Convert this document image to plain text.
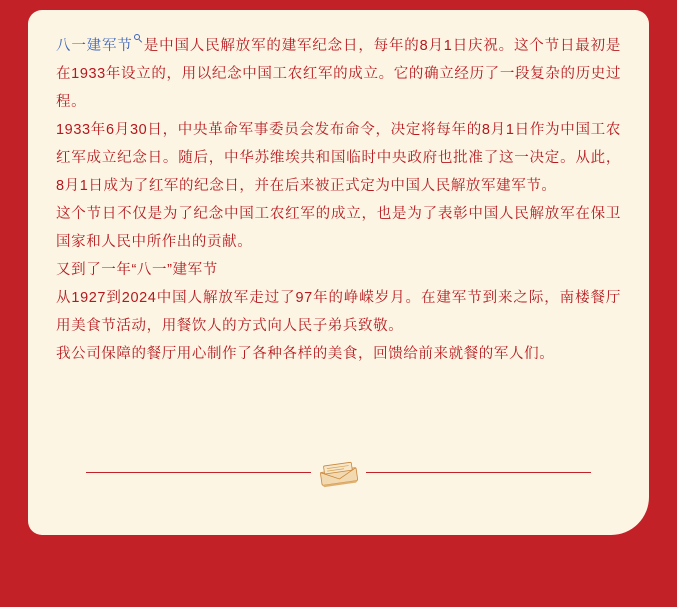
八一建军节 是中国人民解放军的建军纪念日，每年的8月1日庆祝。这个节日最初是在1933年设立的，用以纪念中国工农红军的成立。它的确立经历了一段复杂的历史过程。

1933年6月30日，中央革命军事委员会发布命令，决定将每年的8月1日作为中国工农红军成立纪念日。随后，中华苏维埃共和国临时中央政府也批准了这一决定。从此，8月1日成为了红军的纪念日，并在后来被正式定为中国人民解放军建军节。

这个节日不仅是为了纪念中国工农红军的成立，也是为了表彰中国人民解放军在保卫国家和人民中所作出的贡献。

又到了一年“八一”建军节

从1927到2024中国人解放军走过了97年的峥嵘岁月。在建军节到来之际，南楼餐厅用美食节活动，用餐饮人的方式向人民子弟兵致敬。

我公司保障的餐厅用心制作了各种各样的美食，回馈给前来就餐的军人们。
